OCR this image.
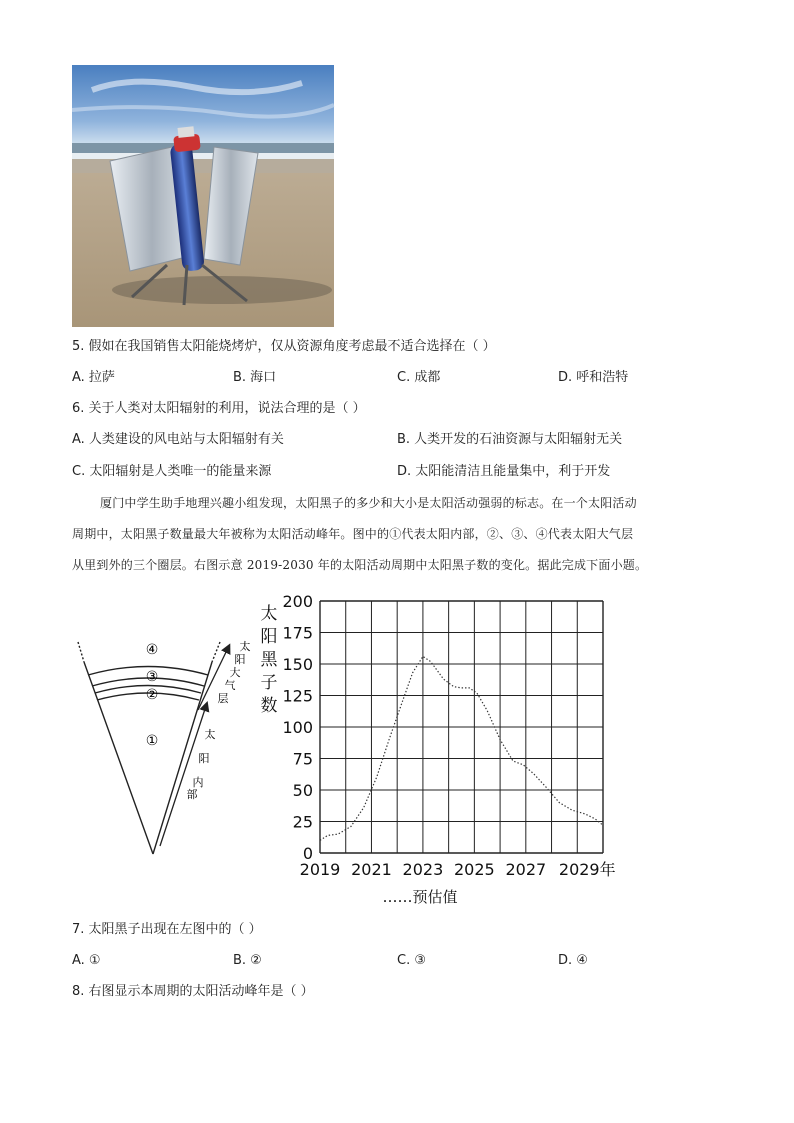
5. 假如在我国销售太阳能烧烤炉，仅从资源角度考虑最不适合选择在（ ）
A. 拉萨	B. 海口	C. 成都	D. 呼和浩特
6. 关于人类对太阳辐射的利用，说法合理的是（ ）
A. 人类建设的风电站与太阳辐射有关	B. 人类开发的石油资源与太阳辐射无关
C. 太阳辐射是人类唯一的能量来源	D. 太阳能清洁且能量集中，利于开发
厦门中学生助手地理兴趣小组发现，太阳黑子的多少和大小是太阳活动强弱的标志。在一个太阳活动
周期中，太阳黑子数量最大年被称为太阳活动峰年。图中的①代表太阳内部，②、③、④代表太阳大气层
从里到外的三个圈层。右图示意 2019-2030 年的太阳活动周期中太阳黑子数的变化。据此完成下面小题。
④
③
②
①
太
阳
大
气
层
太
阳
内
部
太
阳
黑
子
数
0
25
50
75
100
125
150
175
200
2019 2021 2023 2025 2027 2029年
……预估值
7. 太阳黑子出现在左图中的（ ）
A. ①	B. ②	C. ③	D. ④
8. 右图显示本周期的太阳活动峰年是（ ）
